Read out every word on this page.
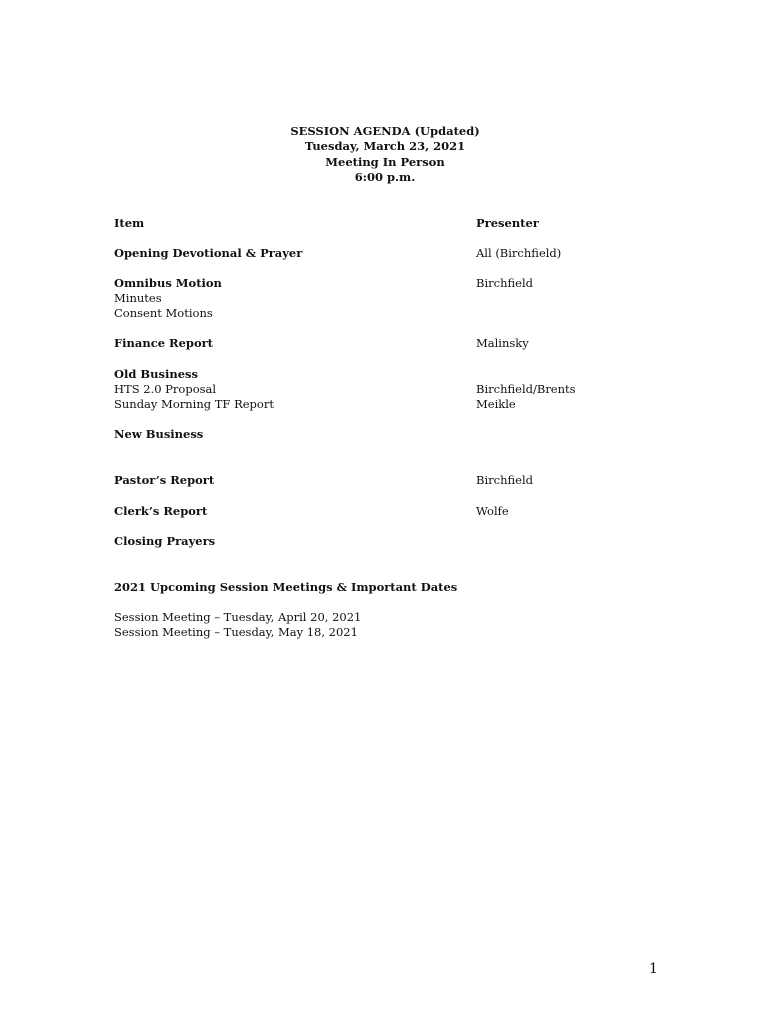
SESSION AGENDA (Updated)
Tuesday, March 23, 2021
Meeting In Person
6:00 p.m.
Item	Presenter
Opening Devotional & Prayer	All (Birchfield)
Omnibus Motion	Birchfield
Minutes
Consent Motions
Finance Report	Malinsky
Old Business
HTS 2.0 Proposal	Birchfield/Brents
Sunday Morning TF Report	Meikle
New Business
Pastor’s Report	Birchfield
Clerk’s Report	Wolfe
Closing Prayers
2021 Upcoming Session Meetings & Important Dates
Session Meeting – Tuesday, April 20, 2021
Session Meeting – Tuesday, May 18, 2021
1
